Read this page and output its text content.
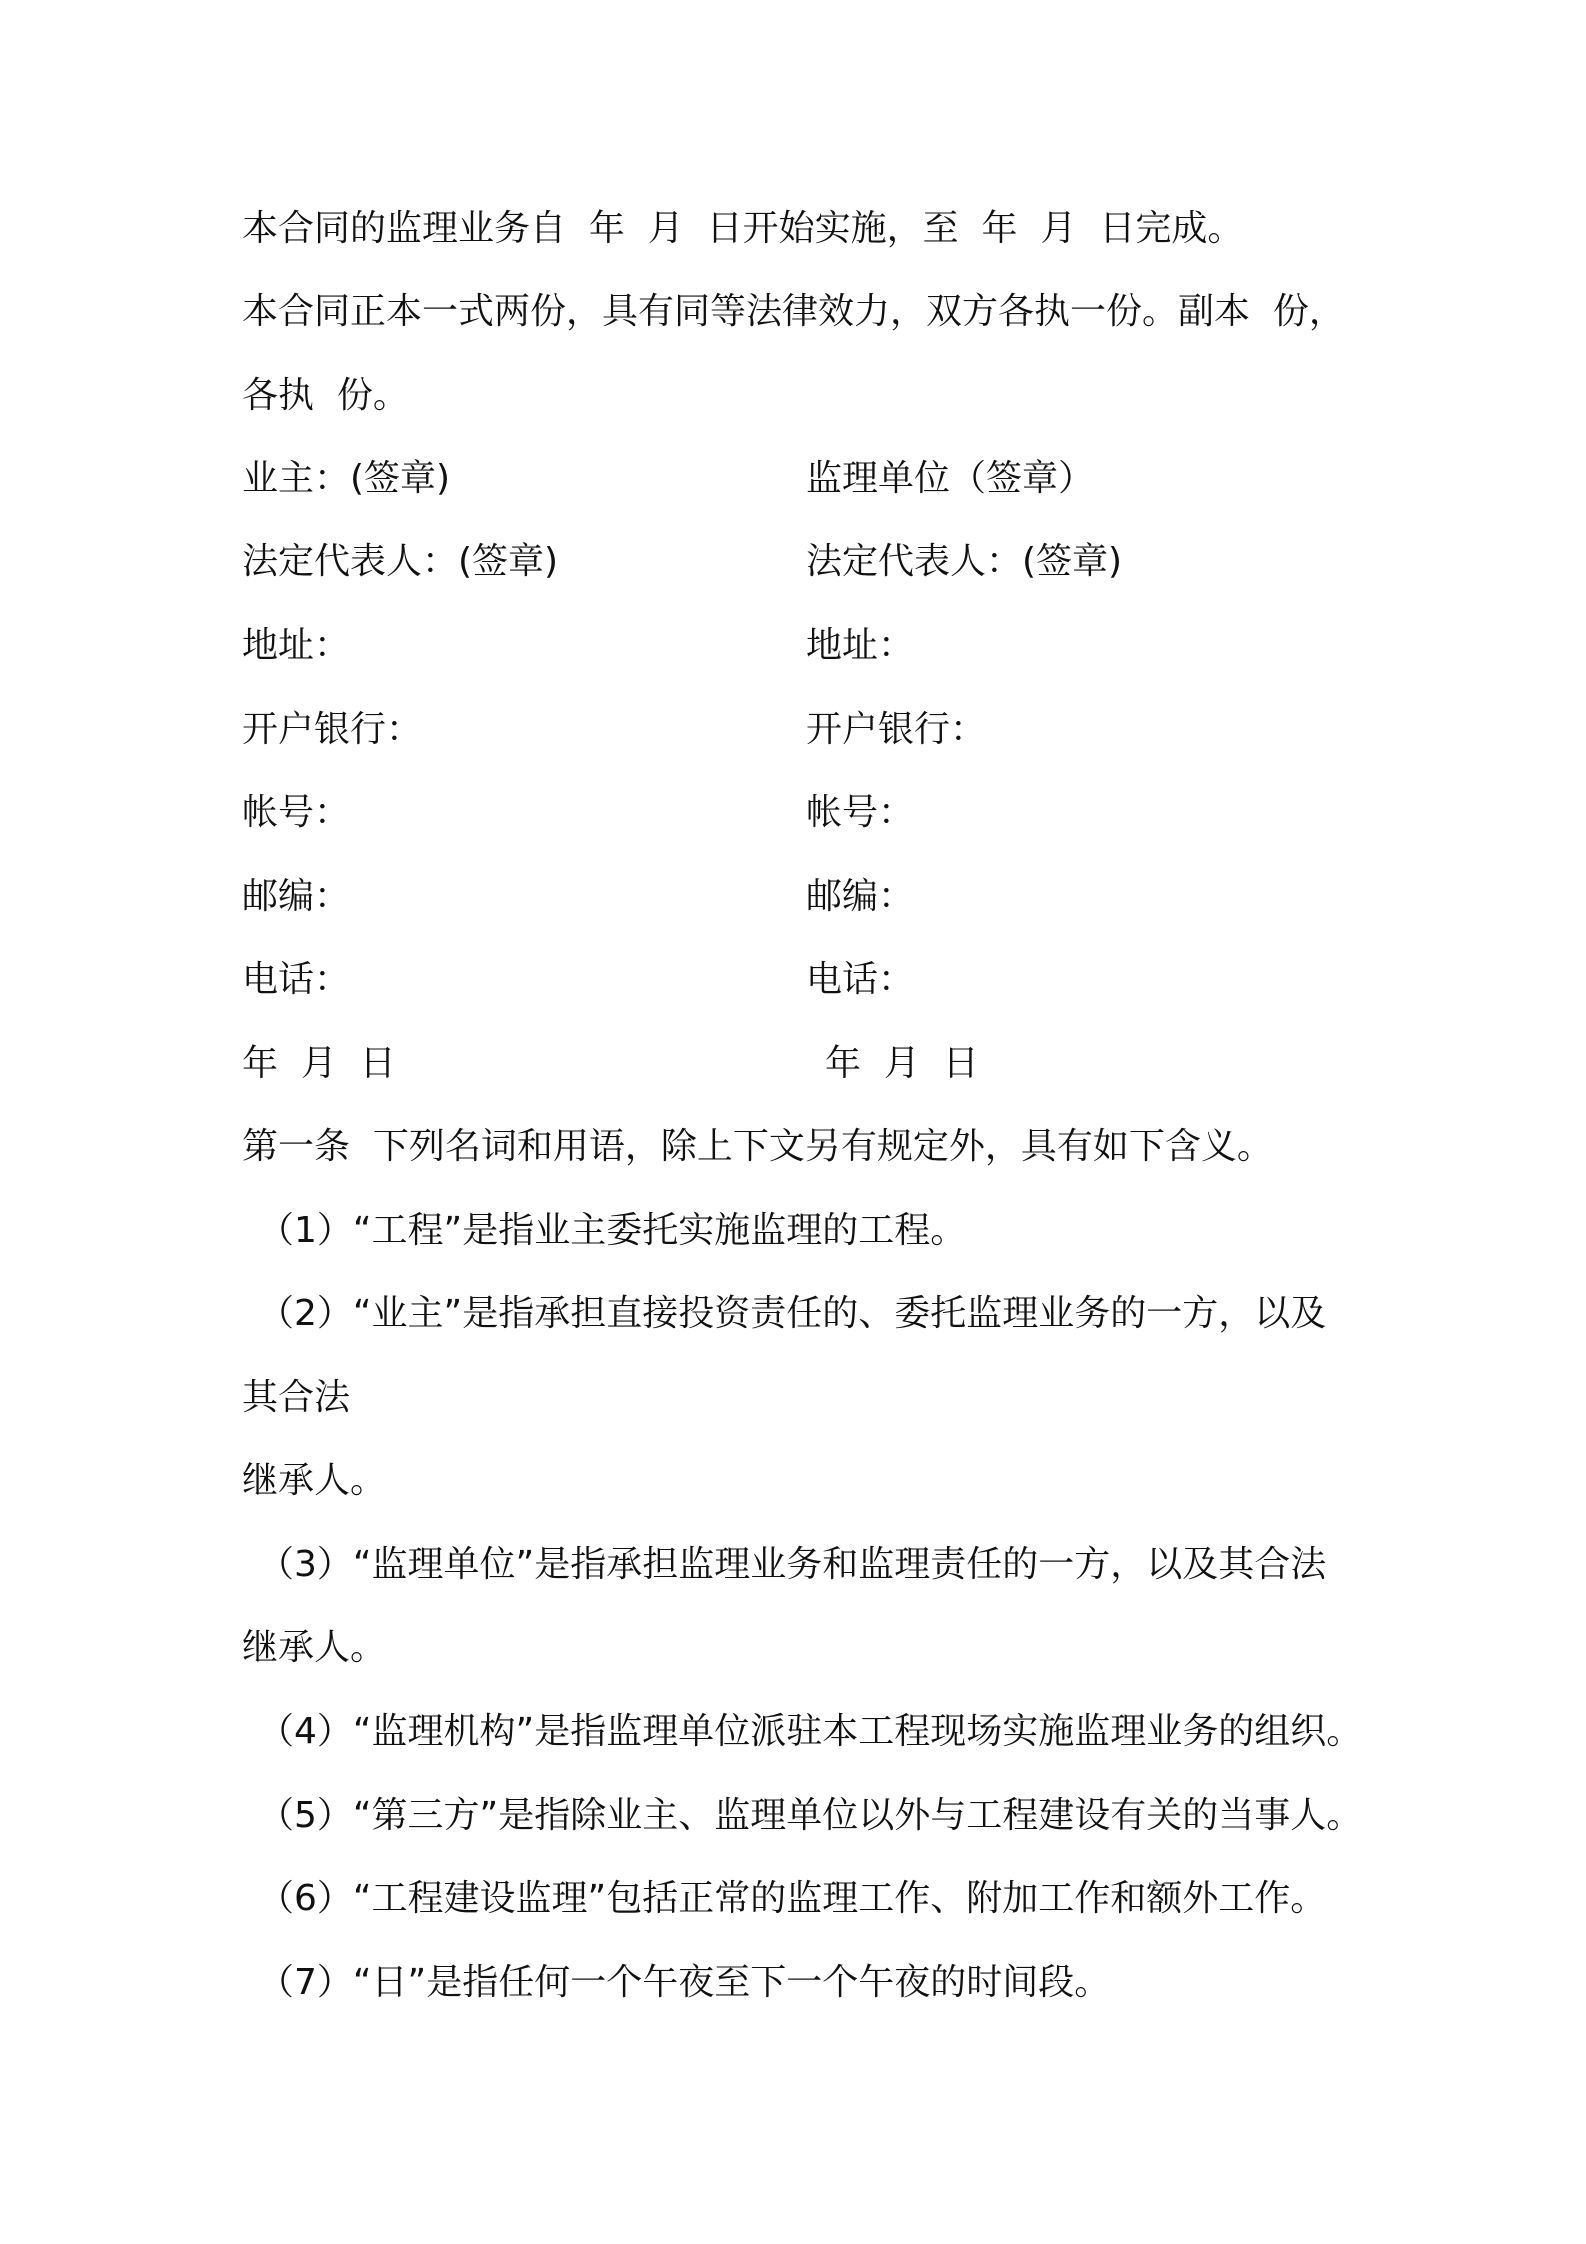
本合同的监理业务自  年  月  日开始实施，至  年  月  日完成。
本合同正本一式两份，具有同等法律效力，双方各执一份。副本  份，
各执  份。
业主：(签章)
法定代表人：(签章)
地址：
开户银行：
帐号：
邮编：
电话：
年  月  日
监理单位（签章）
法定代表人：(签章)
地址：
开户银行：
帐号：
邮编：
电话：
年  月  日
第一条  下列名词和用语，除上下文另有规定外，具有如下含义。
（1）“工程”是指业主委托实施监理的工程。
（2）“业主”是指承担直接投资责任的、委托监理业务的一方，以及
其合法
继承人。
（3）“监理单位”是指承担监理业务和监理责任的一方，以及其合法
继承人。
（4）“监理机构”是指监理单位派驻本工程现场实施监理业务的组织。
（5）“第三方”是指除业主、监理单位以外与工程建设有关的当事人。
（6）“工程建设监理”包括正常的监理工作、附加工作和额外工作。
（7）“日”是指任何一个午夜至下一个午夜的时间段。
